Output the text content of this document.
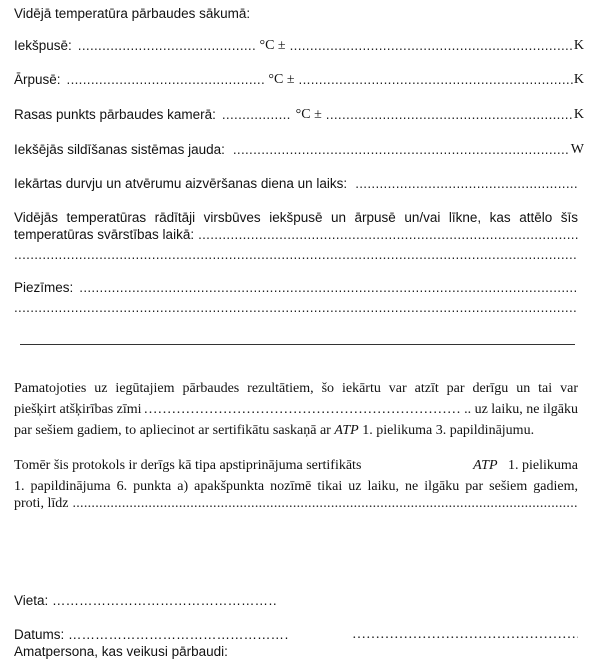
Vidējā temperatūra pārbaudes sākumā:
Iekšpusē: .....	°C ± .....	K
Ārpusē: .....	°C ± .....	K
Rasas punkts pārbaudes kamerā: .....	°C ± .....	K
Iekšējās sildīšanas sistēmas jauda: .....	W
Iekārtas durvju un atvērumu aizvēršanas diena un laiks:
.....
Vidējās temperatūras rādītāji virsbūves iekšpusē un ārpusē un/vai līkne, kas attēlo šīs
temperatūras svārstības laikā:
.....
.....
Piezīmes:
.....
.....
Pamatojoties uz iegūtajiem pārbaudes rezultātiem, šo iekārtu var atzīt par derīgu un tai var
piešķirt atšķirības zīmi ……………………………………………………………………………	.. uz laiku, ne ilgāku
par sešiem gadiem, to apliecinot ar sertifikātu saskaņā ar ATP 1. pielikuma 3. papildinājumu.
Tomēr šis protokols ir derīgs kā tipa apstiprinājuma sertifikāts	ATP 1. pielikuma
1. papildinājuma 6. punkta a) apakšpunkta nozīmē tikai uz laiku, ne ilgāku par sešiem gadiem,
proti, līdz
.....
Vieta: ……………………………………………………………………………
Datums: ……………………………………………………………………………
……………………………………………………………………………
Amatpersona, kas veikusi pārbaudi:
